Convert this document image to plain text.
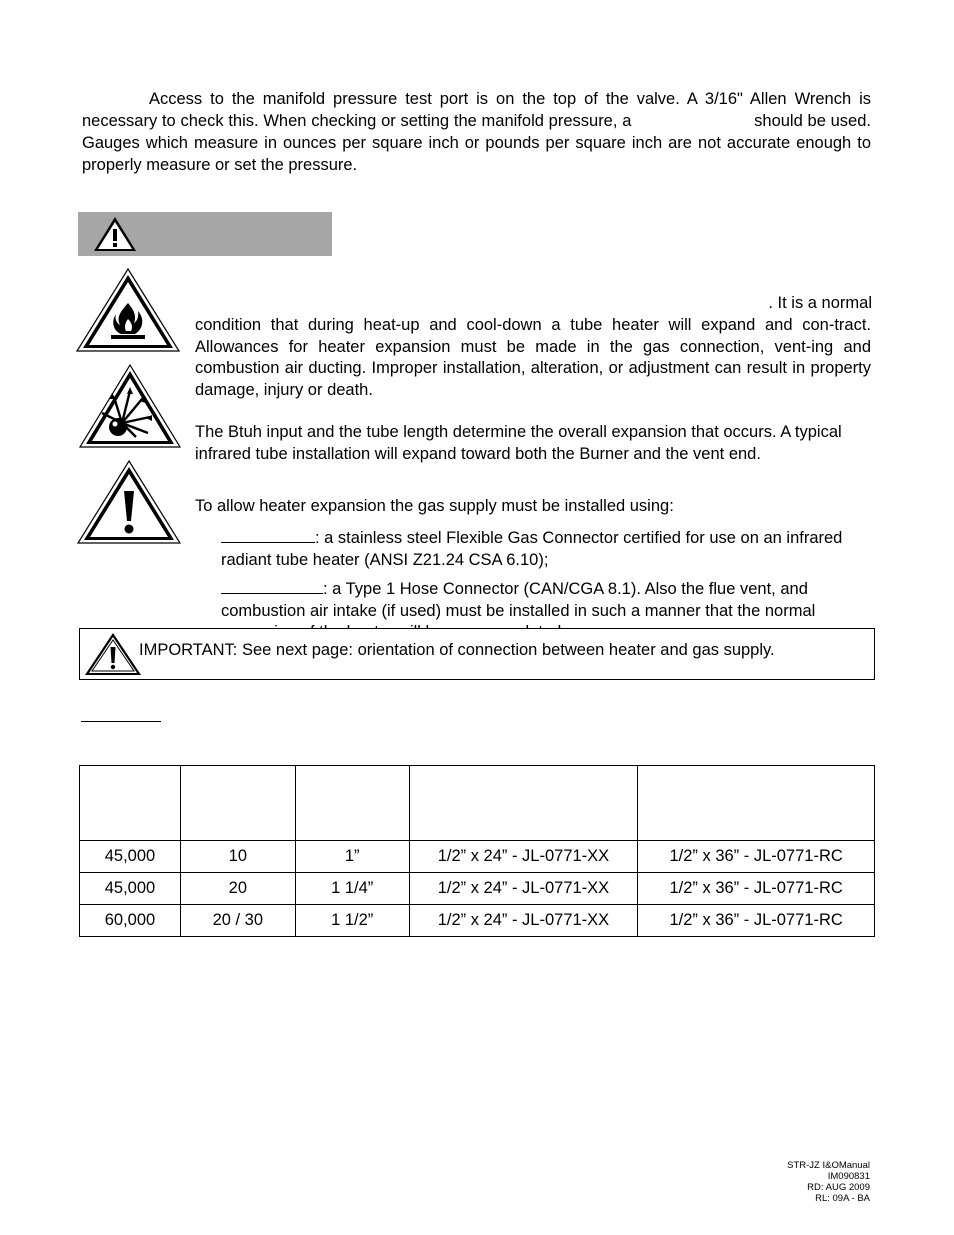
Access to the manifold pressure test port is on the top of the valve. A 3/16" Allen Wrench is necessary to check this. When checking or setting the manifold pressure, a	should be used. Gauges which measure in ounces per square inch or pounds per square inch are not accurate enough to properly measure or set the pressure.
. It is a normal
condition that during heat-up and cool-down a tube heater will expand and con-tract. Allowances for heater expansion must be made in the gas connection, vent-ing and combustion air ducting. Improper installation, alteration, or adjustment can result in property damage, injury or death.
The Btuh input and the tube length determine the overall expansion that occurs. A typical infrared tube installation will expand toward both the Burner and the vent end.
To allow heater expansion the gas supply must be installed using:
: a stainless steel Flexible Gas Connector certified for use on an infrared radiant tube heater (ANSI Z21.24 CSA 6.10);
: a Type 1 Hose Connector (CAN/CGA 8.1). Also the flue vent, and combustion air intake (if used) must be installed in such a manner that the normal
IMPORTANT: See next page: orientation of connection between heater and gas supply.

45,000	10	1”	1/2” x 24” - JL-0771-XX	1/2” x 36” - JL-0771-RC
45,000	20	1 1/4”	1/2” x 24” - JL-0771-XX	1/2” x 36” - JL-0771-RC
60,000	20 / 30	1 1/2”	1/2” x 24” - JL-0771-XX	1/2” x 36” - JL-0771-RC
STR-JZ I&OManual
IM090831
RD: AUG 2009
RL: 09A - BA
